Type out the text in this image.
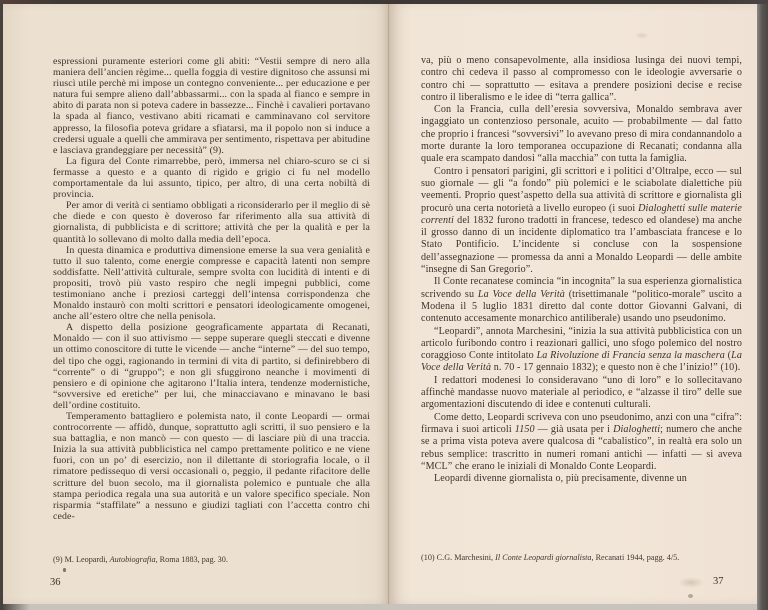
espressioni puramente esteriori come gli abiti: “Vestii sempre di nero alla maniera dell’ancien règime... quella foggia di vestire dignitoso che assunsi mi riuscì utile perchè mi impose un contegno conveniente... per educazione e per natura fui sempre alieno dall’abbassarmi... con la spada al fianco e sempre in abito di parata non si poteva cadere in bassezze... Finchè i cavalieri portavano la spada al fianco, vestivano abiti ricamati e camminavano col servitore appresso, la filosofia poteva gridare a sfiatarsi, ma il popolo non si induce a credersi uguale a quelli che ammirava per sentimento, rispettava per abitudine e lasciava grandeggiare per necessità” (9).

La figura del Conte rimarrebbe, però, immersa nel chiaro-scuro se ci si fermasse a questo e a quanto di rigido e grigio ci fu nel modello comportamentale da lui assunto, tipico, per altro, di una certa nobiltà di provincia.

Per amor di verità ci sentiamo obbligati a riconsiderarlo per il meglio di sè che diede e con questo è doveroso far riferimento alla sua attività di giornalista, di pubblicista e di scrittore; attività che per la qualità e per la quantità lo sollevano di molto dalla media dell’epoca.

In questa dinamica e produttiva dimensione emerse la sua vera genialità e tutto il suo talento, come energie compresse e capacità latenti non sempre soddisfatte. Nell’attività culturale, sempre svolta con lucidità di intenti e di propositi, trovò più vasto respiro che negli impegni pubblici, come testimoniano anche i preziosi carteggi dell’intensa corrispondenza che Monaldo instaurò con molti scrittori e pensatori ideologicamente omogenei, anche all’estero oltre che nella penisola.

A dispetto della posizione geograficamente appartata di Recanati, Monaldo — con il suo attivismo — seppe superare quegli steccati e divenne un ottimo conoscitore di tutte le vicende — anche “interne” — del suo tempo, del tipo che oggi, ragionando in termini di vita di partito, si definirebbero di “corrente” o di “gruppo”; e non gli sfuggirono neanche i movimenti di pensiero e di opinione che agitarono l’Italia intera, tendenze modernistiche, “sovversive ed eretiche” per lui, che minacciavano e minavano le basi dell’ordine costituito.

Temperamento battagliero e polemista nato, il conte Leopardi — ormai controcorrente — affidò, dunque, soprattutto agli scritti, il suo pensiero e la sua battaglia, e non mancò — con questo — di lasciare più di una traccia. Inizia la sua attività pubblicistica nel campo prettamente politico e ne viene fuori, con un po’ di esercizio, non il dilettante di storiografia locale, o il rimatore pedissequo di versi occasionali o, peggio, il pedante rifacitore delle scritture del buon secolo, ma il giornalista polemico e puntuale che alla stampa periodica regala una sua autorità e un valore specifico speciale. Non risparmia “staffilate” a nessuno e giudizi tagliati con l’accetta contro chi cede-

(9) M. Leopardi, Autobiografia, Roma 1883, pag. 30.

36

va, più o meno consapevolmente, alla insidiosa lusinga dei nuovi tempi, contro chi cedeva il passo al compromesso con le ideologie avversarie o contro chi — soprattutto — esitava a prendere posizioni decise e recise contro il liberalismo e le idee di “terra gallica”.

Con la Francia, culla dell’eresia sovversiva, Monaldo sembrava aver ingaggiato un contenzioso personale, acuito — probabilmente — dal fatto che proprio i francesi “sovversivi” lo avevano preso di mira condannandolo a morte durante la loro temporanea occupazione di Recanati; condanna alla quale era scampato dandosi “alla macchia” con tutta la famiglia.

Contro i pensatori parigini, gli scrittori e i politici d’Oltralpe, ecco — sul suo giornale — gli “a fondo” più polemici e le sciabolate dialettiche più veementi. Proprio quest’aspetto della sua attività di scrittore e giornalista gli procurò una certa notorietà a livello europeo (i suoi Dialoghetti sulle materie correnti del 1832 furono tradotti in francese, tedesco ed olandese) ma anche il grosso danno di un incidente diplomatico tra l’ambasciata francese e lo Stato Pontificio. L’incidente si concluse con la sospensione dell’assegnazione — promessa da anni a Monaldo Leopardi — delle ambite “insegne di San Gregorio”.

Il Conte recanatese comincia “in incognita” la sua esperienza giornalistica scrivendo su La Voce della Verità (trisettimanale “politico-morale” uscito a Modena il 5 luglio 1831 diretto dal conte dottor Giovanni Galvani, di contenuto accesamente monarchico antiliberale) usando uno pseudonimo.

“Leopardi”, annota Marchesini, “inizia la sua attività pubblicistica con un articolo furibondo contro i reazionari gallici, uno sfogo polemico del nostro coraggioso Conte intitolato La Rivoluzione di Francia senza la maschera (La Voce della Verità n. 70 - 17 gennaio 1832); e questo non è che l’inizio!” (10).

I redattori modenesi lo consideravano “uno di loro” e lo sollecitavano affinchè mandasse nuovo materiale al periodico, e “alzasse il tiro” delle sue argomentazioni discutendo di idee e contenuti culturali.

Come detto, Leopardi scriveva con uno pseudonimo, anzi con una “cifra”: firmava i suoi articoli 1150 — già usata per i Dialoghetti; numero che anche se a prima vista poteva avere qualcosa di “cabalistico”, in realtà era solo un rebus semplice: trascritto in numeri romani antichi — infatti — si aveva “MCL” che erano le iniziali di Monaldo Conte Leopardi.

Leopardi divenne giornalista o, più precisamente, divenne un

(10) C.G. Marchesini, Il Conte Leopardi giornalista, Recanati 1944, pagg. 4/5.

37
